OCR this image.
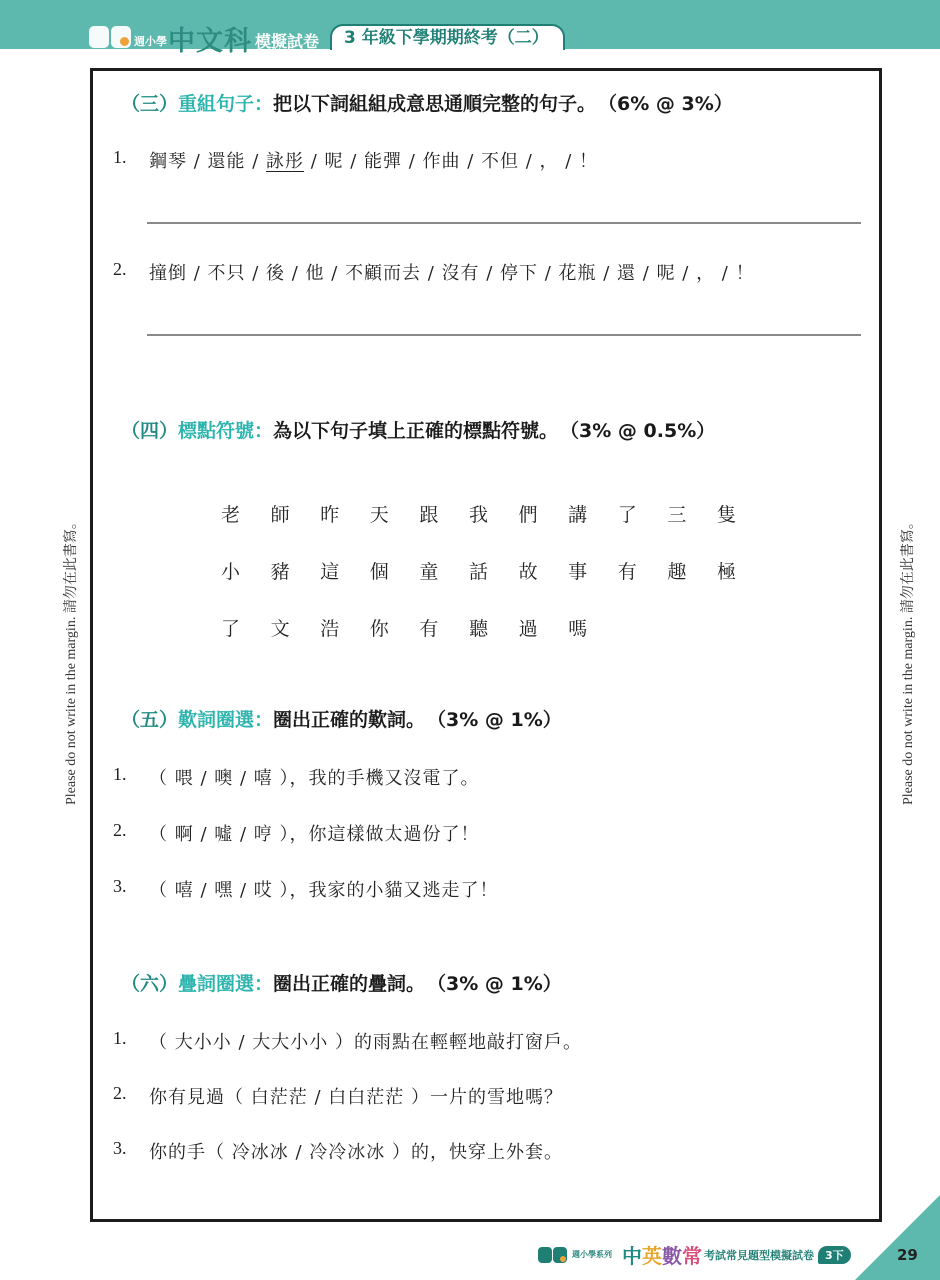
週小學 中文科 模擬試卷	3 年級下學期期終考（二）
Please do not write in the margin. 請勿在此書寫。	Please do not write in the margin. 請勿在此書寫。
（三） 重組句子： 把以下詞組組成意思通順完整的句子。 （6% @ 3%）
1.	鋼琴 / 還能 / 詠彤 / 呢 / 能彈 / 作曲 / 不但 / ， / ！
2.	撞倒 / 不只 / 後 / 他 / 不顧而去 / 沒有 / 停下 / 花瓶 / 還 / 呢 / ， / ！
（四） 標點符號： 為以下句子填上正確的標點符號。 （3% @ 0.5%）
老	師	昨	天	跟	我	們	講	了	三	隻
小	豬	這	個	童	話	故	事	有	趣	極
了	文	浩	你	有	聽	過	嗎
（五） 歎詞圈選： 圈出正確的歎詞。 （3% @ 1%）
1.	（ 喂 / 噢 / 嘻 ），我的手機又沒電了。
2.	（ 啊 / 噓 / 哼 ），你這樣做太過份了！
3.	（ 嘻 / 嘿 / 哎 ），我家的小貓又逃走了！
（六） 疊詞圈選： 圈出正確的疊詞。 （3% @ 1%）
1.	（ 大小小 / 大大小小 ）的雨點在輕輕地敲打窗戶。
2.	你有見過（ 白茫茫 / 白白茫茫 ）一片的雪地嗎？
3.	你的手（ 冷冰冰 / 冷冷冰冰 ）的，快穿上外套。
週小學系列 中 英 數 常 考試常見題型模擬試卷	3下	29
